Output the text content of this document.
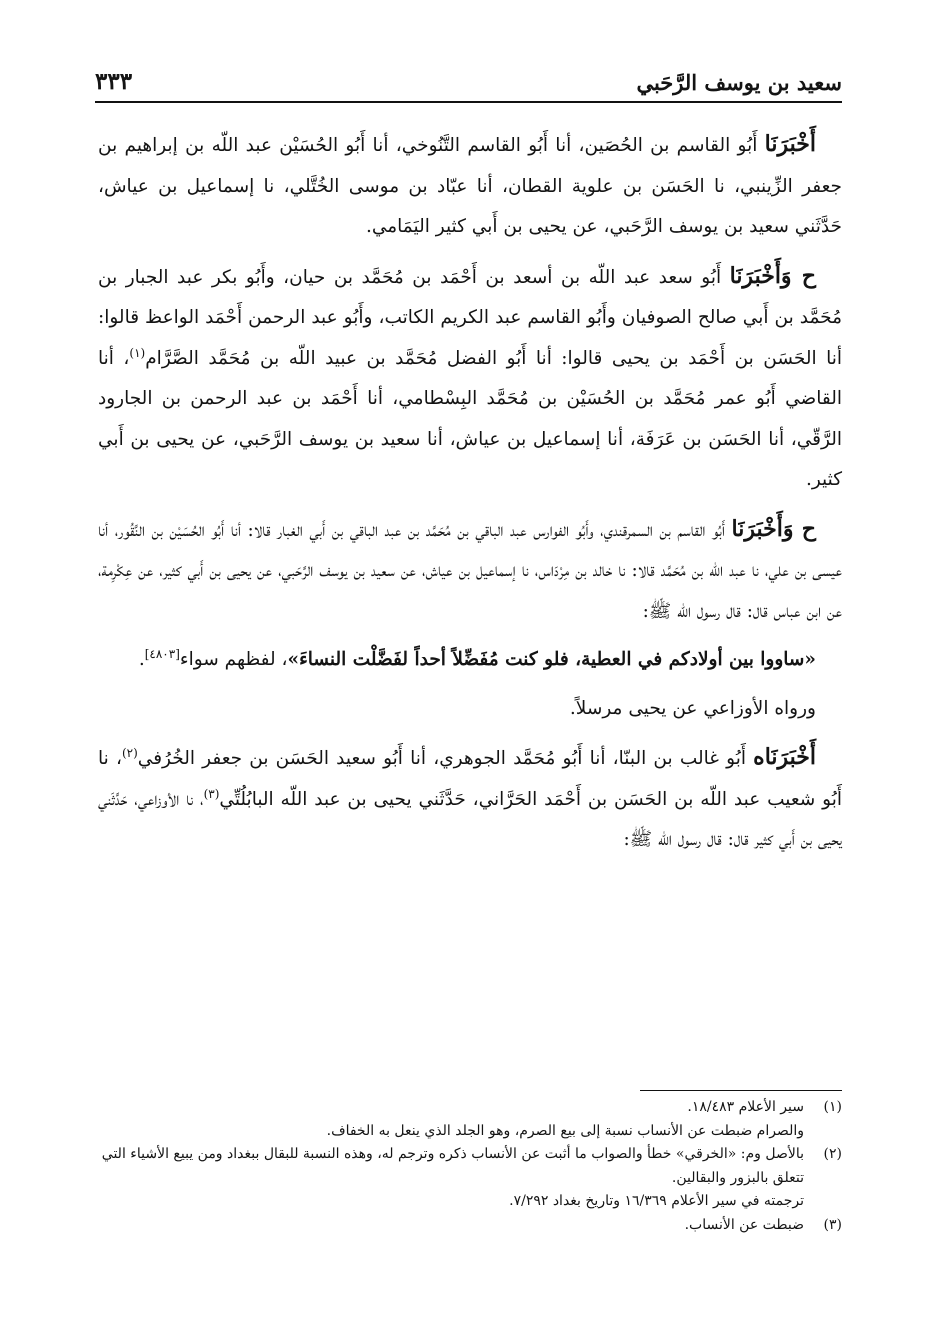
سعيد بن يوسف الرَّحَبي
٣٣٣

أَخْبَرَنَا أَبُو القاسم بن الحُصَين، أنا أَبُو القاسم التَّنُوخي، أنا أَبُو الحُسَيْن عبد اللّه بن إبراهيم بن جعفر الزِّينبي، نا الحَسَن بن علوية القطان، أنا عبّاد بن موسى الخُتَّلي، نا إسماعيل بن عياش، حَدَّثَني سعيد بن يوسف الرَّحَبي، عن يحيى بن أَبي كثير اليَمَامي.

ح وَأَخْبَرَنَا أَبُو سعد عبد اللّه بن أسعد بن أَحْمَد بن مُحَمَّد بن حيان، وأَبُو بكر عبد الجبار بن مُحَمَّد بن أَبي صالح الصوفيان وأَبُو القاسم عبد الكريم الكاتب، وأَبُو عبد الرحمن أَحْمَد الواعظ قالوا: أنا الحَسَن بن أَحْمَد بن يحيى قالوا: أنا أَبُو الفضل مُحَمَّد بن عبيد اللّه بن مُحَمَّد الصَّرَّام$^{(١)}$، أنا القاضي أَبُو عمر مُحَمَّد بن الحُسَيْن بن مُحَمَّد البِسْطامي، أنا أَحْمَد بن عبد الرحمن بن الجارود الرَّقّي، أنا الحَسَن بن عَرَفَة، أنا إسماعيل بن عياش، أنا سعيد بن يوسف الرَّحَبي، عن يحيى بن أَبي كثير.

ح وَأَخْبَرَنَا أَبُو القاسم بن السمرقندي، وأَبُو الفوارس عبد الباقي بن مُحَمَّد بن عبد الباقي بن أَبي الغبار قالا: أنا أَبُو الحُسَيْن بن النَّقُور، أنا عيسى بن علي، نا عبد اللّه بن مُحَمَّد قالا: نا خالد بن مِرْدَاس، نا إسماعيل بن عياش، عن سعيد بن يوسف الرَّحَبي، عن يحيى بن أَبي كثير، عن عِكْرِمة، عن ابن عباس قال: قال رسول الله ﷺ:

«ساووا بين أولادكم في العطية، فلو كنت مُفَضِّلاً أحداً لفَضَّلْت النساءَ»، لفظهم سواء[٤٨٠٣].

ورواه الأوزاعي عن يحيى مرسلاً.

أَخْبَرَنَاه أَبُو غالب بن البنّا، أنا أَبُو مُحَمَّد الجوهري، أنا أَبُو سعيد الحَسَن بن جعفر الخُرُفي$^{(٢)}$، نا أَبُو شعيب عبد اللّه بن الحَسَن بن أَحْمَد الحَرَّاني، حَدَّثَني يحيى بن عبد اللّه البابُلُتِّي$^{(٣)}$، نا الأوزاعي، حَدَّثَني يحيى بن أَبي كثير قال: قال رسول الله ﷺ:

(١)
سير الأعلام ١٨/٤٨٣.
والصرام ضبطت عن الأنساب نسبة إلى بيع الصرم، وهو الجلد الذي ينعل به الخفاف.
(٢)
بالأصل وم: «الخرقي» خطأ والصواب ما أثبت عن الأنساب ذكره وترجم له، وهذه النسبة للبقال ببغداد ومن يبيع الأشياء التي تتعلق بالبزور والبقالين.
ترجمته في سير الأعلام ١٦/٣٦٩ وتاريخ بغداد ٧/٢٩٢.
(٣)
ضبطت عن الأنساب.
